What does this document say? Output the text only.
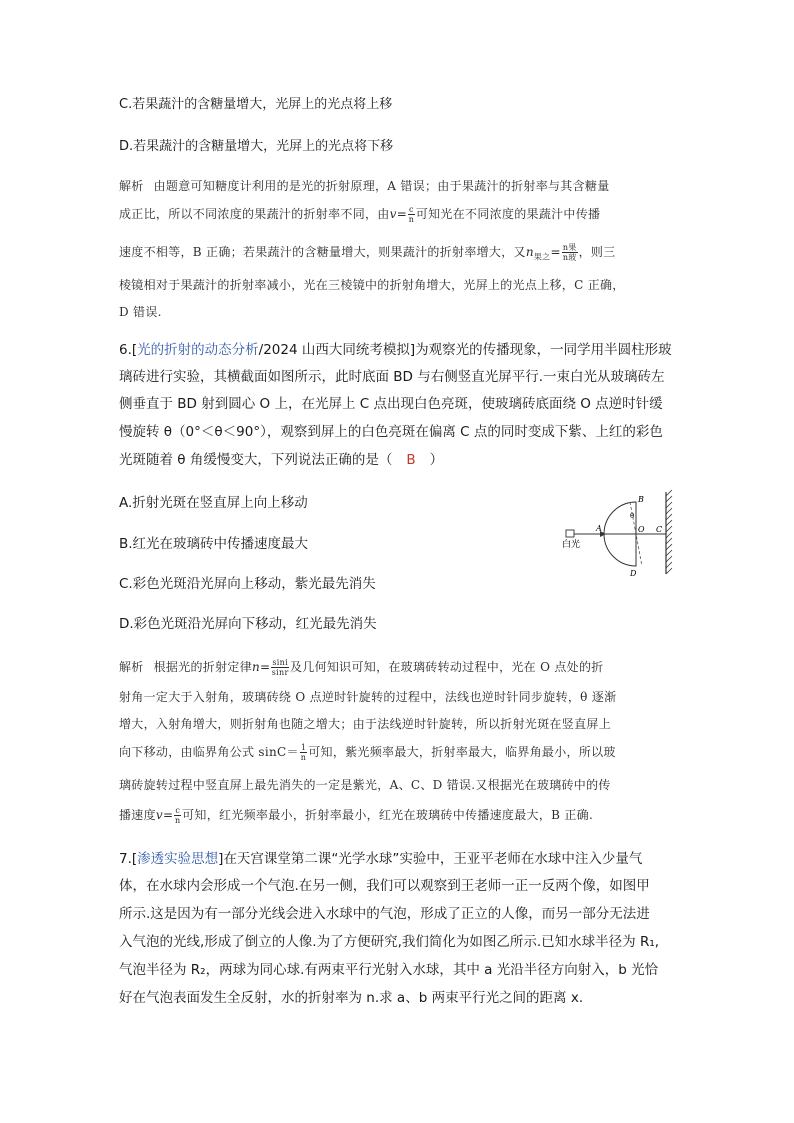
C.若果蔬汁的含糖量增大，光屏上的光点将上移
D.若果蔬汁的含糖量增大，光屏上的光点将下移
解析 由题意可知糖度计利用的是光的折射原理，A 错误；由于果蔬汁的折射率与其含糖量
成正比，所以不同浓度的果蔬汁的折射率不同，由$v= \frac{c}{n}$ 可知光在不同浓度的果蔬汁中传播
速度不相等，B 正确；若果蔬汁的含糖量增大，则果蔬汁的折射率增大，又$n_{果之}= n$果
n玻 ，则三
棱镜相对于果蔬汁的折射率减小，光在三棱镜中的折射角增大，光屏上的光点上移，C 正确，
D 错误.
6.[光的折射的动态分析/2024 山西大同统考模拟]为观察光的传播现象，一同学用半圆柱形玻
璃砖进行实验，其横截面如图所示，此时底面 BD 与右侧竖直光屏平行.一束白光从玻璃砖左
侧垂直于 BD 射到圆心 O 上，在光屏上 C 点出现白色亮斑，使玻璃砖底面绕 O 点逆时针缓
慢旋转 θ（0°＜θ＜90°），观察到屏上的白色亮斑在偏离 C 点的同时变成下紫、上红的彩色
光斑随着 θ 角缓慢变大，下列说法正确的是（ B ）
A.折射光斑在竖直屏上向上移动
B.红光在玻璃砖中传播速度最大
C.彩色光斑沿光屏向上移动，紫光最先消失
D.彩色光斑沿光屏向下移动，红光最先消失
白光
A
B
θ
O C
D
解析 根据光的折射定律$n= \frac{\sin i}{\sin r}$ 及几何知识可知，在玻璃砖转动过程中，光在 O 点处的折
射角一定大于入射角，玻璃砖绕 O 点逆时针旋转的过程中，法线也逆时针同步旋转，θ 逐渐
增大，入射角增大，则折射角也随之增大；由于法线逆时针旋转，所以折射光斑在竖直屏上
向下移动，由临界角公式 $\sin C= \frac{1}{n}$ 可知，紫光频率最大，折射率最大，临界角最小，所以玻
璃砖旋转过程中竖直屏上最先消失的一定是紫光，A、C、D 错误.又根据光在玻璃砖中的传
播速度$v= \frac{c}{n}$ 可知，红光频率最小，折射率最小，红光在玻璃砖中传播速度最大，B 正确.
7.[渗透实验思想]在天宫课堂第二课“光学水球”实验中，王亚平老师在水球中注入少量气
体，在水球内会形成一个气泡.在另一侧，我们可以观察到王老师一正一反两个像，如图甲
所示.这是因为有一部分光线会进入水球中的气泡，形成了正立的人像，而另一部分无法进
入气泡的光线,形成了倒立的人像.为了方便研究,我们简化为如图乙所示.已知水球半径为 R₁,
气泡半径为 R₂，两球为同心球.有两束平行光射入水球，其中 a 光沿半径方向射入，b 光恰
好在气泡表面发生全反射，水的折射率为 n.求 a、b 两束平行光之间的距离 x.
